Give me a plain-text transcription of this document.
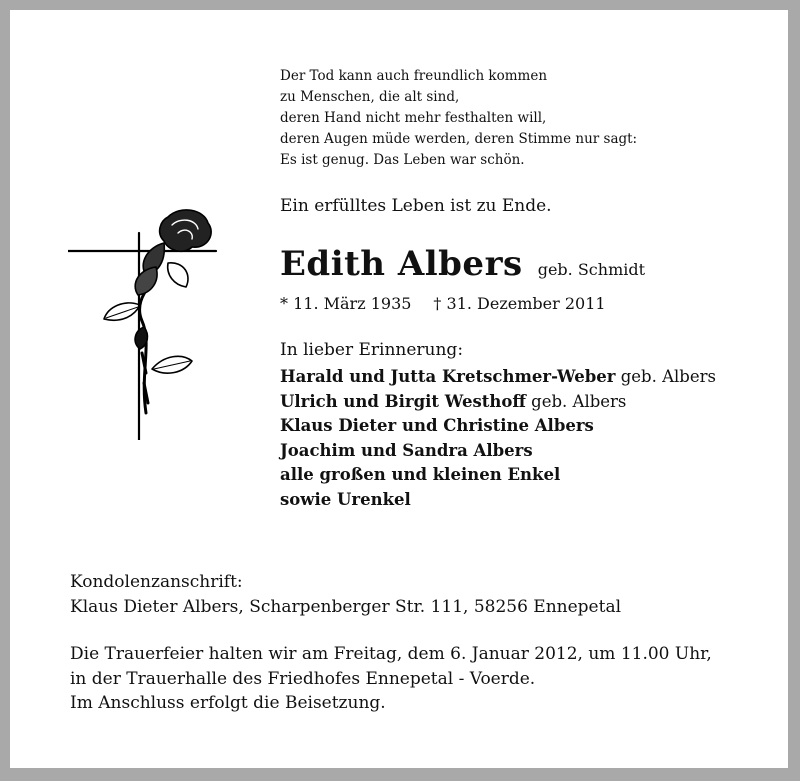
Der Tod kann auch freundlich kommen
zu Menschen, die alt sind,
deren Hand nicht mehr festhalten will,
deren Augen müde werden, deren Stimme nur sagt:
Es ist genug. Das Leben war schön.
Ein erfülltes Leben ist zu Ende.
Edith Albers geb. Schmidt
* 11. März 1935 † 31. Dezember 2011
In lieber Erinnerung:
Harald und Jutta Kretschmer-Weber geb. Albers
Ulrich und Birgit Westhoff geb. Albers
Klaus Dieter und Christine Albers
Joachim und Sandra Albers
alle großen und kleinen Enkel
sowie Urenkel
Kondolenzanschrift:
Klaus Dieter Albers, Scharpenberger Str. 111, 58256 Ennepetal
Die Trauerfeier halten wir am Freitag, dem 6. Januar 2012, um 11.00 Uhr,
in der Trauerhalle des Friedhofes Ennepetal - Voerde.
Im Anschluss erfolgt die Beisetzung.
